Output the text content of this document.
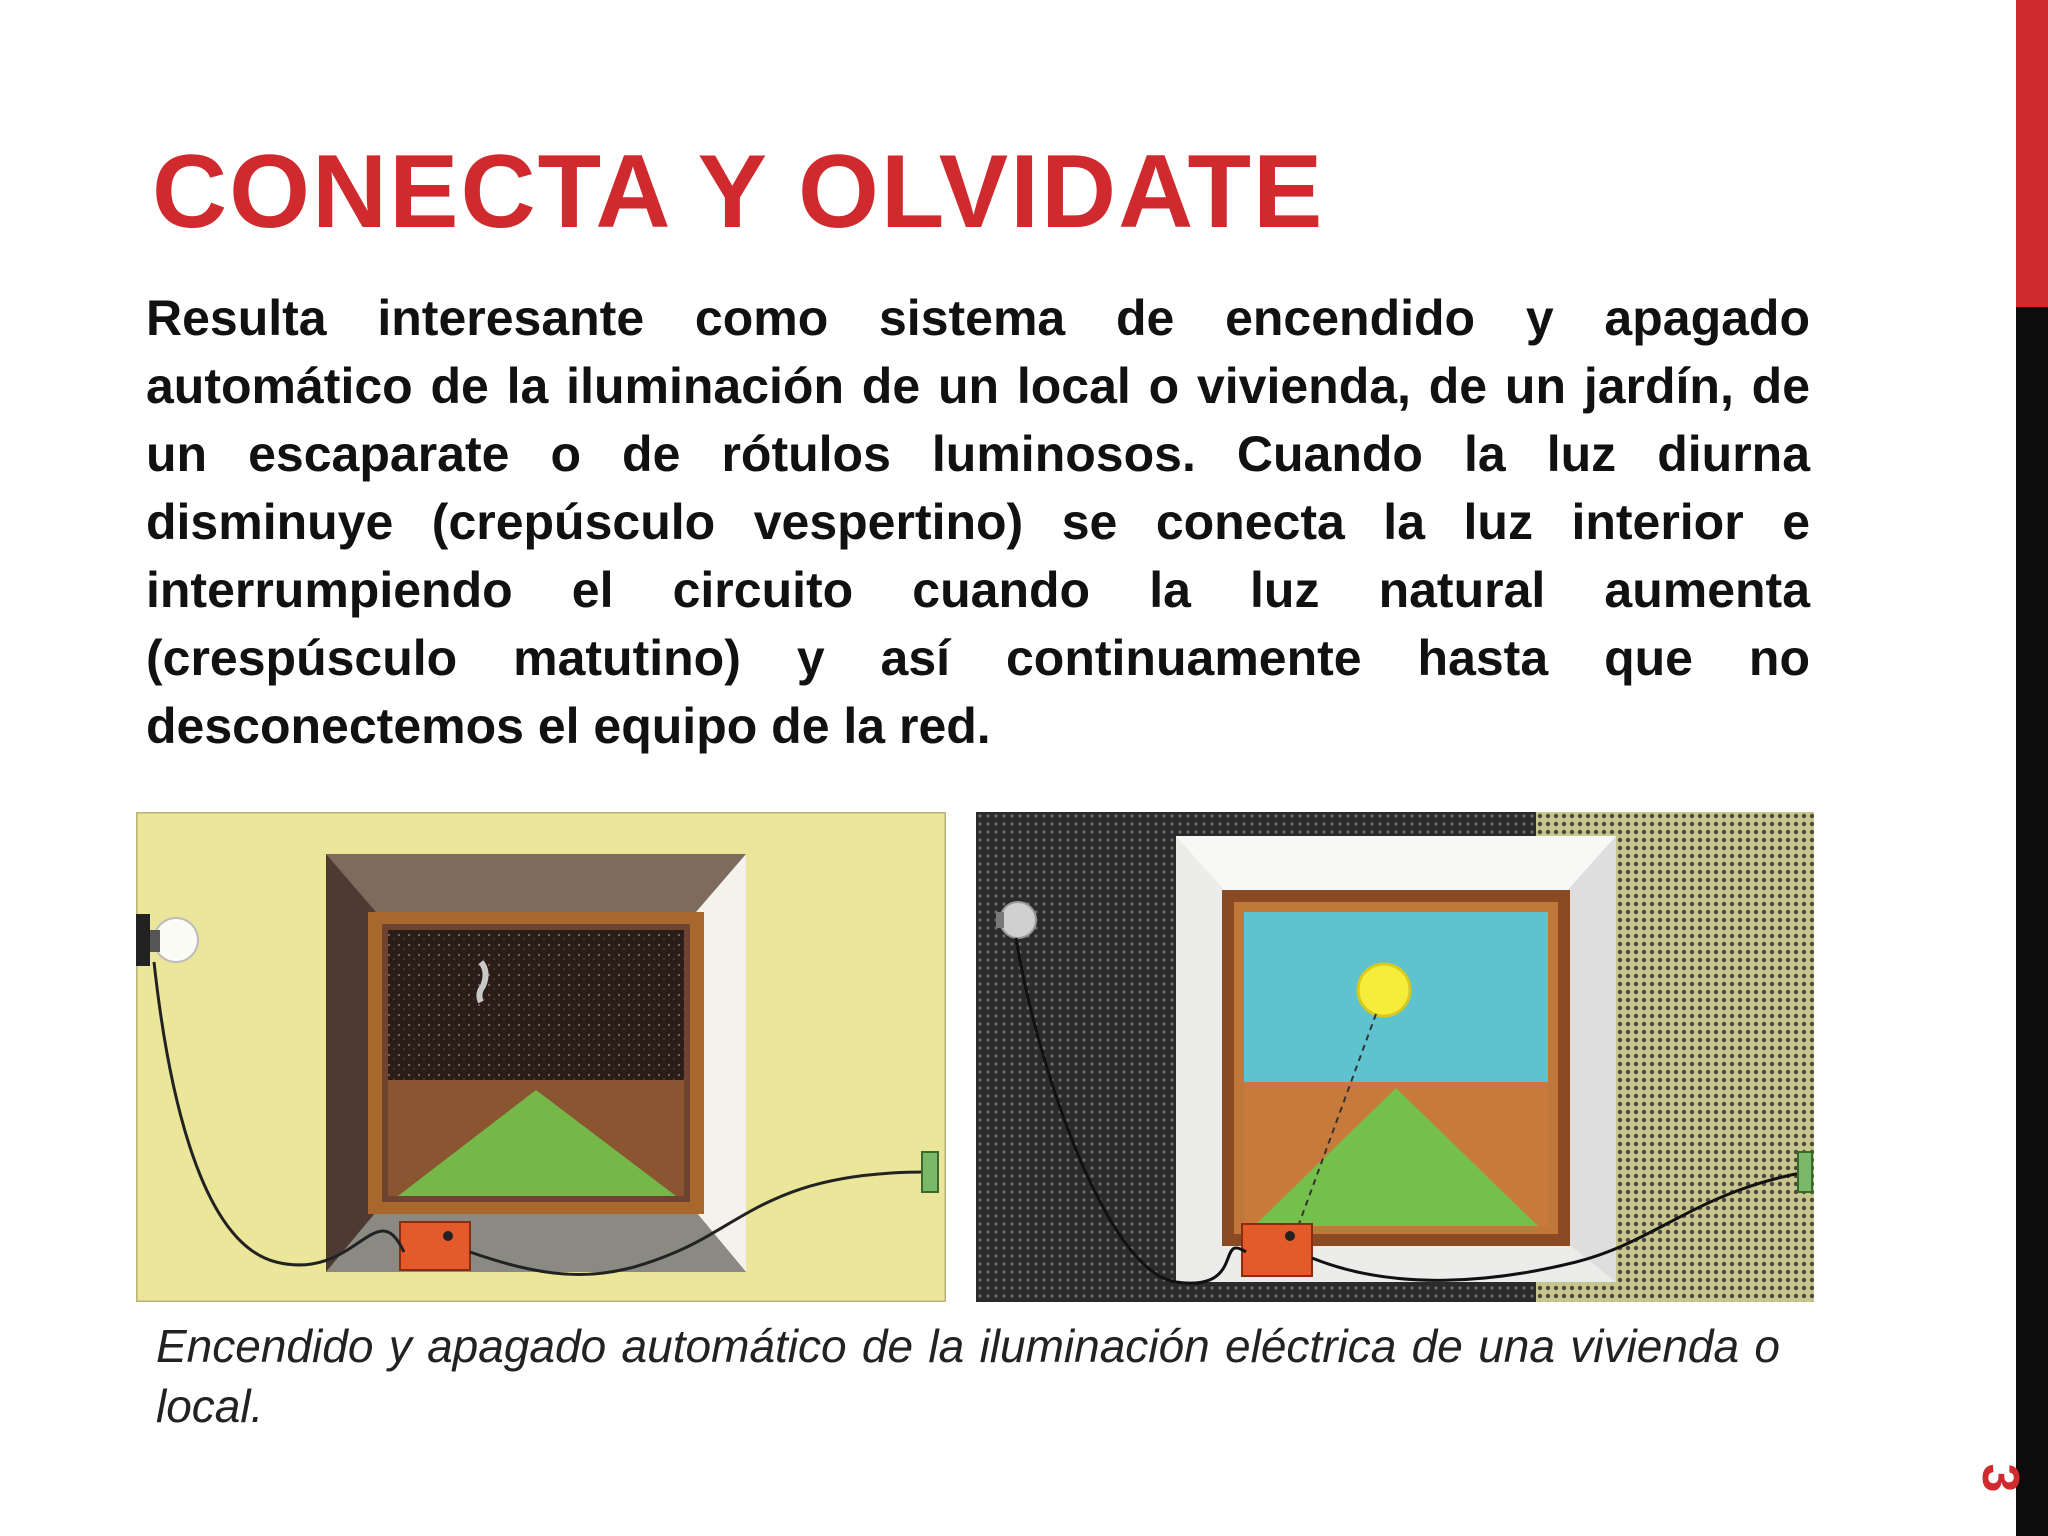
CONECTA Y OLVIDATE

Resulta interesante como sistema de encendido y apagado automático de la iluminación de un local o vivienda, de un jardín, de un escaparate o de rótulos luminosos. Cuando la luz diurna disminuye (crepúsculo vespertino) se conecta la luz interior e interrumpiendo el circuito cuando la luz natural aumenta (crespúsculo matutino) y así continuamente hasta que no desconectemos el equipo de la red.

Encendido y apagado automático de la iluminación eléctrica de una vivienda o local.

3
